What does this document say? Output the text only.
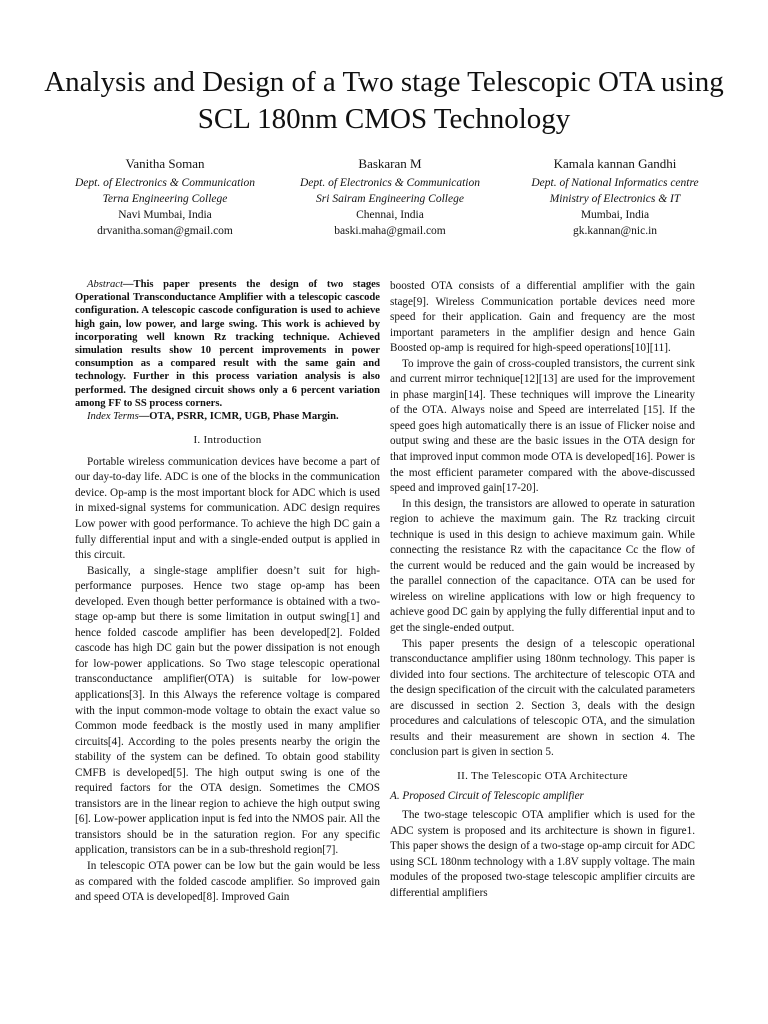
Analysis and Design of a Two stage Telescopic OTA using SCL 180nm CMOS Technology
Vanitha Soman
Dept. of Electronics & Communication
Terna Engineering College
Navi Mumbai, India
drvanitha.soman@gmail.com
Baskaran M
Dept. of Electronics & Communication
Sri Sairam Engineering College
Chennai, India
baski.maha@gmail.com
Kamala kannan Gandhi
Dept. of National Informatics centre
Ministry of Electronics & IT
Mumbai, India
gk.kannan@nic.in

Abstract—This paper presents the design of two stages Operational Transconductance Amplifier with a telescopic cascode configuration. A telescopic cascode configuration is used to achieve high gain, low power, and large swing. This work is achieved by incorporating well known Rz tracking technique. Achieved simulation results show 10 percent improvements in power consumption as a compared result with the same gain and technology. Further in this process variation analysis is also performed. The designed circuit shows only a 6 percent variation among FF to SS process corners.

Index Terms—OTA, PSRR, ICMR, UGB, Phase Margin.

I. Introduction

Portable wireless communication devices have become a part of our day-to-day life. ADC is one of the blocks in the communication device. Op-amp is the most important block for ADC which is used in mixed-signal systems for communication. ADC design requires Low power with good performance. To achieve the high DC gain a fully differential input and with a single-ended output is applied in this circuit.

Basically, a single-stage amplifier doesn’t suit for high-performance purposes. Hence two stage op-amp has been developed. Even though better performance is obtained with a two-stage op-amp but there is some limitation in output swing[1] and hence folded cascode amplifier has been developed[2]. Folded cascode has high DC gain but the power dissipation is not enough for low-power applications. So Two stage telescopic operational transconductance amplifier(OTA) is suitable for low-power applications[3]. In this Always the reference voltage is compared with the input common-mode voltage to obtain the exact value so Common mode feedback is the mostly used in many amplifier circuits[4]. According to the poles presents nearby the origin the stability of the system can be defined. To obtain good stability CMFB is developed[5]. The high output swing is one of the required factors for the OTA design. Sometimes the CMOS transistors are in the linear region to achieve the high output swing [6]. Low-power application input is fed into the NMOS pair. All the transistors should be in the saturation region. For any specific application, transistors can be in a sub-threshold region[7].

In telescopic OTA power can be low but the gain would be less as compared with the folded cascode amplifier. So improved gain and speed OTA is developed[8]. Improved Gain

boosted OTA consists of a differential amplifier with the gain stage[9]. Wireless Communication portable devices need more speed for their application. Gain and frequency are the most important parameters in the amplifier design and hence Gain Boosted op-amp is required for high-speed operations[10][11].

To improve the gain of cross-coupled transistors, the current sink and current mirror technique[12][13] are used for the improvement in phase margin[14]. These techniques will improve the Linearity of the OTA. Always noise and Speed are interrelated [15]. If the speed goes high automatically there is an issue of Flicker noise and output swing and these are the basic issues in the OTA design for that improved input common mode OTA is developed[16]. Power is the most efficient parameter compared with the above-discussed speed and improved gain[17-20].

In this design, the transistors are allowed to operate in saturation region to achieve the maximum gain. The Rz tracking circuit technique is used in this design to achieve maximum gain. While connecting the resistance Rz with the capacitance Cc the flow of the current would be reduced and the gain would be increased by the parallel connection of the capacitance. OTA can be used for wireless on wireline applications with low or high frequency to achieve good DC gain by applying the fully differential input and to get the single-ended output.

This paper presents the design of a telescopic operational transconductance amplifier using 180nm technology. This paper is divided into four sections. The architecture of telescopic OTA and the design specification of the circuit with the calculated parameters are discussed in section 2. Section 3, deals with the design procedures and calculations of telescopic OTA, and the simulation results and their measurement are shown in section 4. The conclusion part is given in section 5.

II. The Telescopic OTA Architecture
A. Proposed Circuit of Telescopic amplifier

The two-stage telescopic OTA amplifier which is used for the ADC system is proposed and its architecture is shown in figure1. This paper shows the design of a two-stage op-amp circuit for ADC using SCL 180nm technology with a 1.8V supply voltage. The main modules of the proposed two-stage telescopic amplifier circuits are differential amplifiers
